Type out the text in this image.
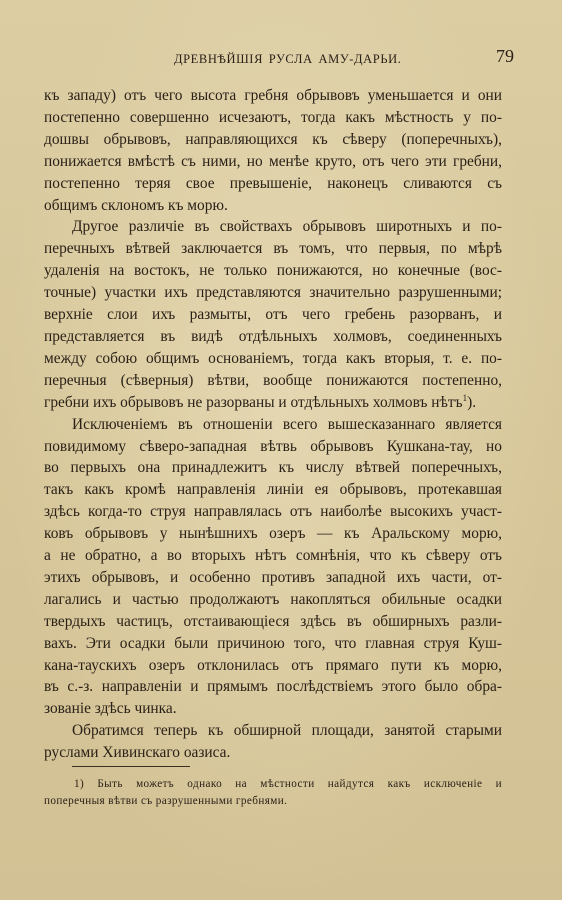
ДРЕВНѢЙШІЯ РУСЛА АМУ-ДАРЬИ.	79
къ западу) отъ чего высота гребня обрывовъ уменьшается и они
постепенно совершенно исчезаютъ, тогда какъ мѣстность у по-
дошвы обрывовъ, направляющихся къ сѣверу (поперечныхъ),
понижается вмѣстѣ съ ними, но менѣе круто, отъ чего эти гребни,
постепенно теряя свое превышеніе, наконецъ сливаются съ
общимъ склономъ къ морю.
Другое различіе въ свойствахъ обрывовъ широтныхъ и по-
перечныхъ вѣтвей заключается въ томъ, что первыя, по мѣрѣ
удаленія на востокъ, не только понижаются, но конечные (вос-
точные) участки ихъ представляются значительно разрушенными;
верхніе слои ихъ размыты, отъ чего гребень разорванъ, и
представляется въ видѣ отдѣльныхъ холмовъ, соединенныхъ
между собою общимъ основаніемъ, тогда какъ вторыя, т. е. по-
перечныя (сѣверныя) вѣтви, вообще понижаются постепенно,
гребни ихъ обрывовъ не разорваны и отдѣльныхъ холмовъ нѣтъ$^1$).
Исключеніемъ въ отношеніи всего вышесказаннаго является
повидимому сѣверо-западная вѣтвь обрывовъ Кушкана-тау, но
во первыхъ она принадлежитъ къ числу вѣтвей поперечныхъ,
такъ какъ кромѣ направленія линіи ея обрывовъ, протекавшая
здѣсь когда-то струя направлялась отъ наиболѣе высокихъ участ-
ковъ обрывовъ у нынѣшнихъ озеръ — къ Аральскому морю,
а не обратно, а во вторыхъ нѣтъ сомнѣнія, что къ сѣверу отъ
этихъ обрывовъ, и особенно противъ западной ихъ части, от-
лагались и частью продолжаютъ накопляться обильные осадки
твердыхъ частицъ, отстаивающіеся здѣсь въ обширныхъ разли-
вахъ. Эти осадки были причиною того, что главная струя Куш-
кана-таускихъ озеръ отклонилась отъ прямаго пути къ морю,
въ с.-з. направленіи и прямымъ послѣдствіемъ этого было обра-
зованіе здѣсь чинка.
Обратимся теперь къ обширной площади, занятой старыми
руслами Хивинскаго оазиса.
1) Быть можетъ однако на мѣстности найдутся какъ исключеніе и
поперечныя вѣтви съ разрушенными гребнями.
